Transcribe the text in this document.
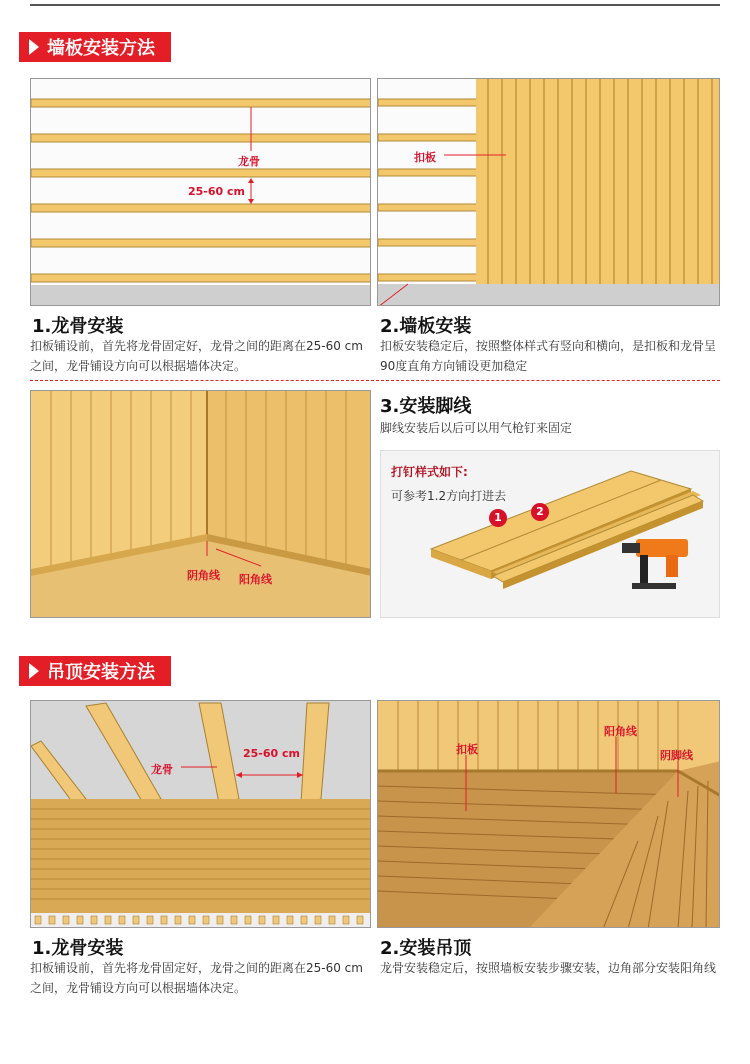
墙板安装方法
龙骨
25-60 cm
扣板
1.龙骨安装
扣板铺设前，首先将龙骨固定好，龙骨之间的距离在25-60 cm之间，龙骨铺设方向可以根据墙体决定。
2.墙板安装
扣板安装稳定后，按照整体样式有竖向和横向，是扣板和龙骨呈90度直角方向铺设更加稳定
阴角线 阳角线
3.安装脚线
脚线安装后以后可以用气枪钉来固定
打钉样式如下:
可参考1.2方向打进去
1	2
吊顶安装方法
龙骨
25-60 cm	扣板
阳角线
阴脚线
1.龙骨安装
扣板铺设前，首先将龙骨固定好，龙骨之间的距离在25-60 cm之间，龙骨铺设方向可以根据墙体决定。
2.安装吊顶
龙骨安装稳定后，按照墙板安装步骤安装，边角部分安装阳角线
